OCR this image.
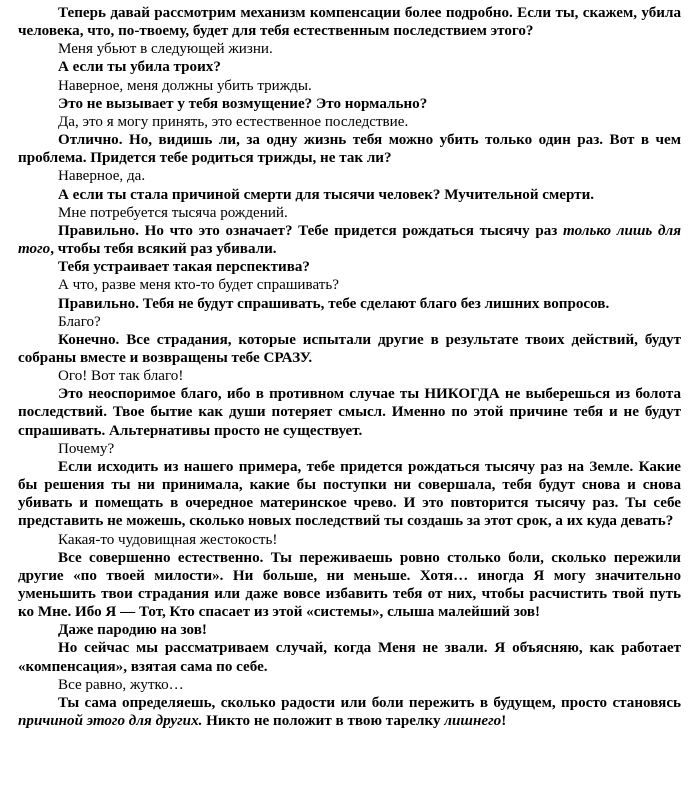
Теперь давай рассмотрим механизм компенсации более подробно. Если ты, скажем, убила человека, что, по-твоему, будет для тебя естественным последствием этого?

Меня убьют в следующей жизни.

А если ты убила троих?

Наверное, меня должны убить трижды.

Это не вызывает у тебя возмущение? Это нормально?

Да, это я могу принять, это естественное последствие.

Отлично. Но, видишь ли, за одну жизнь тебя можно убить только один раз. Вот в чем проблема. Придется тебе родиться трижды, не так ли?

Наверное, да.

А если ты стала причиной смерти для тысячи человек? Мучительной смерти.

Мне потребуется тысяча рождений.

Правильно. Но что это означает? Тебе придется рождаться тысячу раз только лишь для того, чтобы тебя всякий раз убивали.

Тебя устраивает такая перспектива?

А что, разве меня кто-то будет спрашивать?

Правильно. Тебя не будут спрашивать, тебе сделают благо без лишних вопросов.

Благо?

Конечно. Все страдания, которые испытали другие в результате твоих действий, будут собраны вместе и возвращены тебе СРАЗУ.

Ого! Вот так благо!

Это неоспоримое благо, ибо в противном случае ты НИКОГДА не выберешься из болота последствий. Твое бытие как души потеряет смысл. Именно по этой причине тебя и не будут спрашивать. Альтернативы просто не существует.

Почему?

Если исходить из нашего примера, тебе придется рождаться тысячу раз на Земле. Какие бы решения ты ни принимала, какие бы поступки ни совершала, тебя будут снова и снова убивать и помещать в очередное материнское чрево. И это повторится тысячу раз. Ты себе представить не можешь, сколько новых последствий ты создашь за этот срок, а их куда девать?

Какая-то чудовищная жестокость!

Все совершенно естественно. Ты переживаешь ровно столько боли, сколько пережили другие «по твоей милости». Ни больше, ни меньше. Хотя… иногда Я могу значительно уменьшить твои страдания или даже вовсе избавить тебя от них, чтобы расчистить твой путь ко Мне. Ибо Я — Тот, Кто спасает из этой «системы», слыша малейший зов!

Даже пародию на зов!

Но сейчас мы рассматриваем случай, когда Меня не звали. Я объясняю, как работает «компенсация», взятая сама по себе.

Все равно, жутко…

Ты сама определяешь, сколько радости или боли пережить в будущем, просто становясь причиной этого для других. Никто не положит в твою тарелку лишнего!
